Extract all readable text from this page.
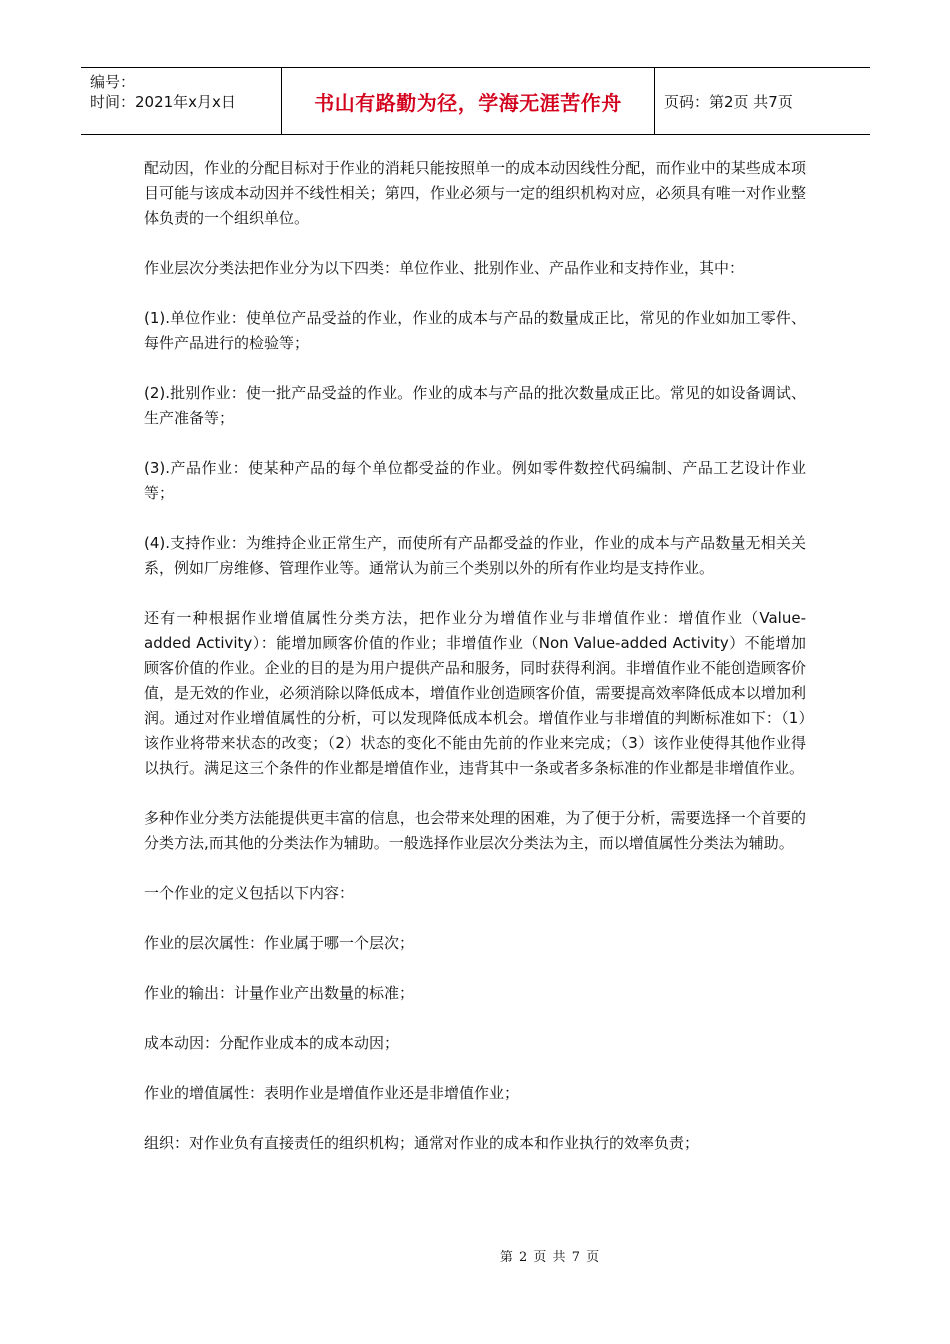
编号：
时间：2021年x月x日	书山有路勤为径，学海无涯苦作舟	页码：第2页 共7页

配动因，作业的分配目标对于作业的消耗只能按照单一的成本动因线性分配，而作业中的某些成本项目可能与该成本动因并不线性相关；第四，作业必须与一定的组织机构对应，必须具有唯一对作业整体负责的一个组织单位。

作业层次分类法把作业分为以下四类：单位作业、批别作业、产品作业和支持作业，其中：

(1).单位作业：使单位产品受益的作业，作业的成本与产品的数量成正比，常见的作业如加工零件、每件产品进行的检验等；

(2).批别作业：使一批产品受益的作业。作业的成本与产品的批次数量成正比。常见的如设备调试、生产准备等；

(3).产品作业：使某种产品的每个单位都受益的作业。例如零件数控代码编制、产品工艺设计作业等；

(4).支持作业：为维持企业正常生产，而使所有产品都受益的作业，作业的成本与产品数量无相关关系，例如厂房维修、管理作业等。通常认为前三个类别以外的所有作业均是支持作业。

还有一种根据作业增值属性分类方法，把作业分为增值作业与非增值作业：增值作业（Value-added Activity）：能增加顾客价值的作业；非增值作业（Non Value-added Activity）不能增加顾客价值的作业。企业的目的是为用户提供产品和服务，同时获得利润。非增值作业不能创造顾客价值，是无效的作业，必须消除以降低成本，增值作业创造顾客价值，需要提高效率降低成本以增加利润。通过对作业增值属性的分析，可以发现降低成本机会。增值作业与非增值的判断标准如下：（1）该作业将带来状态的改变；（2）状态的变化不能由先前的作业来完成；（3）该作业使得其他作业得以执行。满足这三个条件的作业都是增值作业，违背其中一条或者多条标准的作业都是非增值作业。

多种作业分类方法能提供更丰富的信息，也会带来处理的困难，为了便于分析，需要选择一个首要的分类方法,而其他的分类法作为辅助。一般选择作业层次分类法为主，而以增值属性分类法为辅助。

一个作业的定义包括以下内容：

作业的层次属性：作业属于哪一个层次；

作业的输出：计量作业产出数量的标准；

成本动因：分配作业成本的成本动因；

作业的增值属性：表明作业是增值作业还是非增值作业；

组织：对作业负有直接责任的组织机构；通常对作业的成本和作业执行的效率负责；

第 2 页 共 7 页
